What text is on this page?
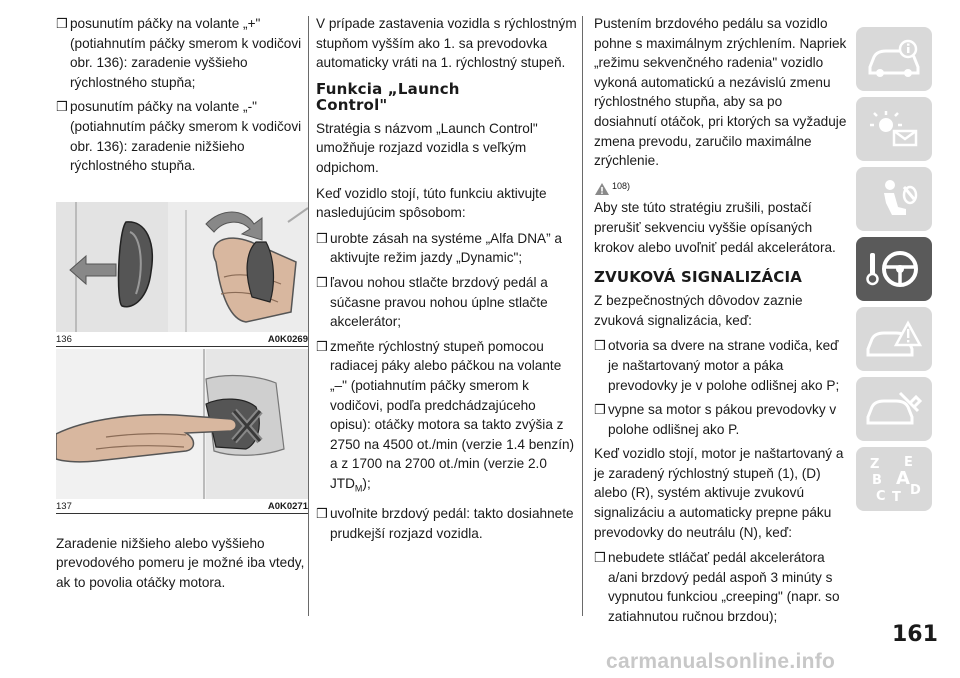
❒ posunutím páčky na volante „+" (potiahnutím páčky smerom k vodičovi obr. 136): zaradenie vyššieho rýchlostného stupňa;
❒ posunutím páčky na volante „-" (potiahnutím páčky smerom k vodičovi obr. 136): zaradenie nižšieho rýchlostného stupňa.
136	A0K0269
137	A0K0271
Zaradenie nižšieho alebo vyššieho prevodového pomeru je možné iba vtedy, ak to povolia otáčky motora.
V prípade zastavenia vozidla s rýchlostným stupňom vyšším ako 1. sa prevodovka automaticky vráti na 1. rýchlostný stupeň.
Funkcia „Launch
Control"
Stratégia s názvom „Launch Control" umožňuje rozjazd vozidla s veľkým odpichom.
Keď vozidlo stojí, túto funkciu aktivujte nasledujúcim spôsobom:
❒ urobte zásah na systéme „Alfa DNA” a aktivujte režim jazdy „Dynamic";
❒ ľavou nohou stlačte brzdový pedál a súčasne pravou nohou úplne stlačte akcelerátor;
❒ zmeňte rýchlostný stupeň pomocou radiacej páky alebo páčkou na volante „–" (potiahnutím páčky smerom k vodičovi, podľa predchádzajúceho opisu): otáčky motora sa takto zvýšia z 2750 na 4500 ot./min (verzie 1.4 benzín) a z 1700 na 2700 ot./min (verzie 2.0 $JTD_M$);
❒ uvoľnite brzdový pedál: takto dosiahnete prudkejší rozjazd vozidla.
Pustením brzdového pedálu sa vozidlo pohne s maximálnym zrýchlením. Napriek „režimu sekvenčného radenia" vozidlo vykoná automatickú a nezávislú zmenu rýchlostného stupňa, aby sa po dosiahnutí otáčok, pri ktorých sa vyžaduje zmena prevodu, zaručilo maximálne zrýchlenie.
108)
Aby ste túto stratégiu zrušili, postačí prerušiť sekvenciu vyššie opísaných krokov alebo uvoľniť pedál akcelerátora.
ZVUKOVÁ SIGNALIZÁCIA
Z bezpečnostných dôvodov zaznie zvuková signalizácia, keď:
❒ otvoria sa dvere na strane vodiča, keď je naštartovaný motor a páka prevodovky je v polohe odlišnej ako P;
❒ vypne sa motor s pákou prevodovky v polohe odlišnej ako P.
Keď vozidlo stojí, motor je naštartovaný a je zaradený rýchlostný stupeň (1), (D) alebo (R), systém aktivuje zvukovú signalizáciu a automaticky prepne páku prevodovky do neutrálu (N), keď:
❒ nebudete stláčať pedál akcelerátora a/ani brzdový pedál aspoň 3 minúty s vypnutou funkciou „creeping" (napr. so zatiahnutou ručnou brzdou);
Z E
B A
C T D
161
carmanualsonline.info
